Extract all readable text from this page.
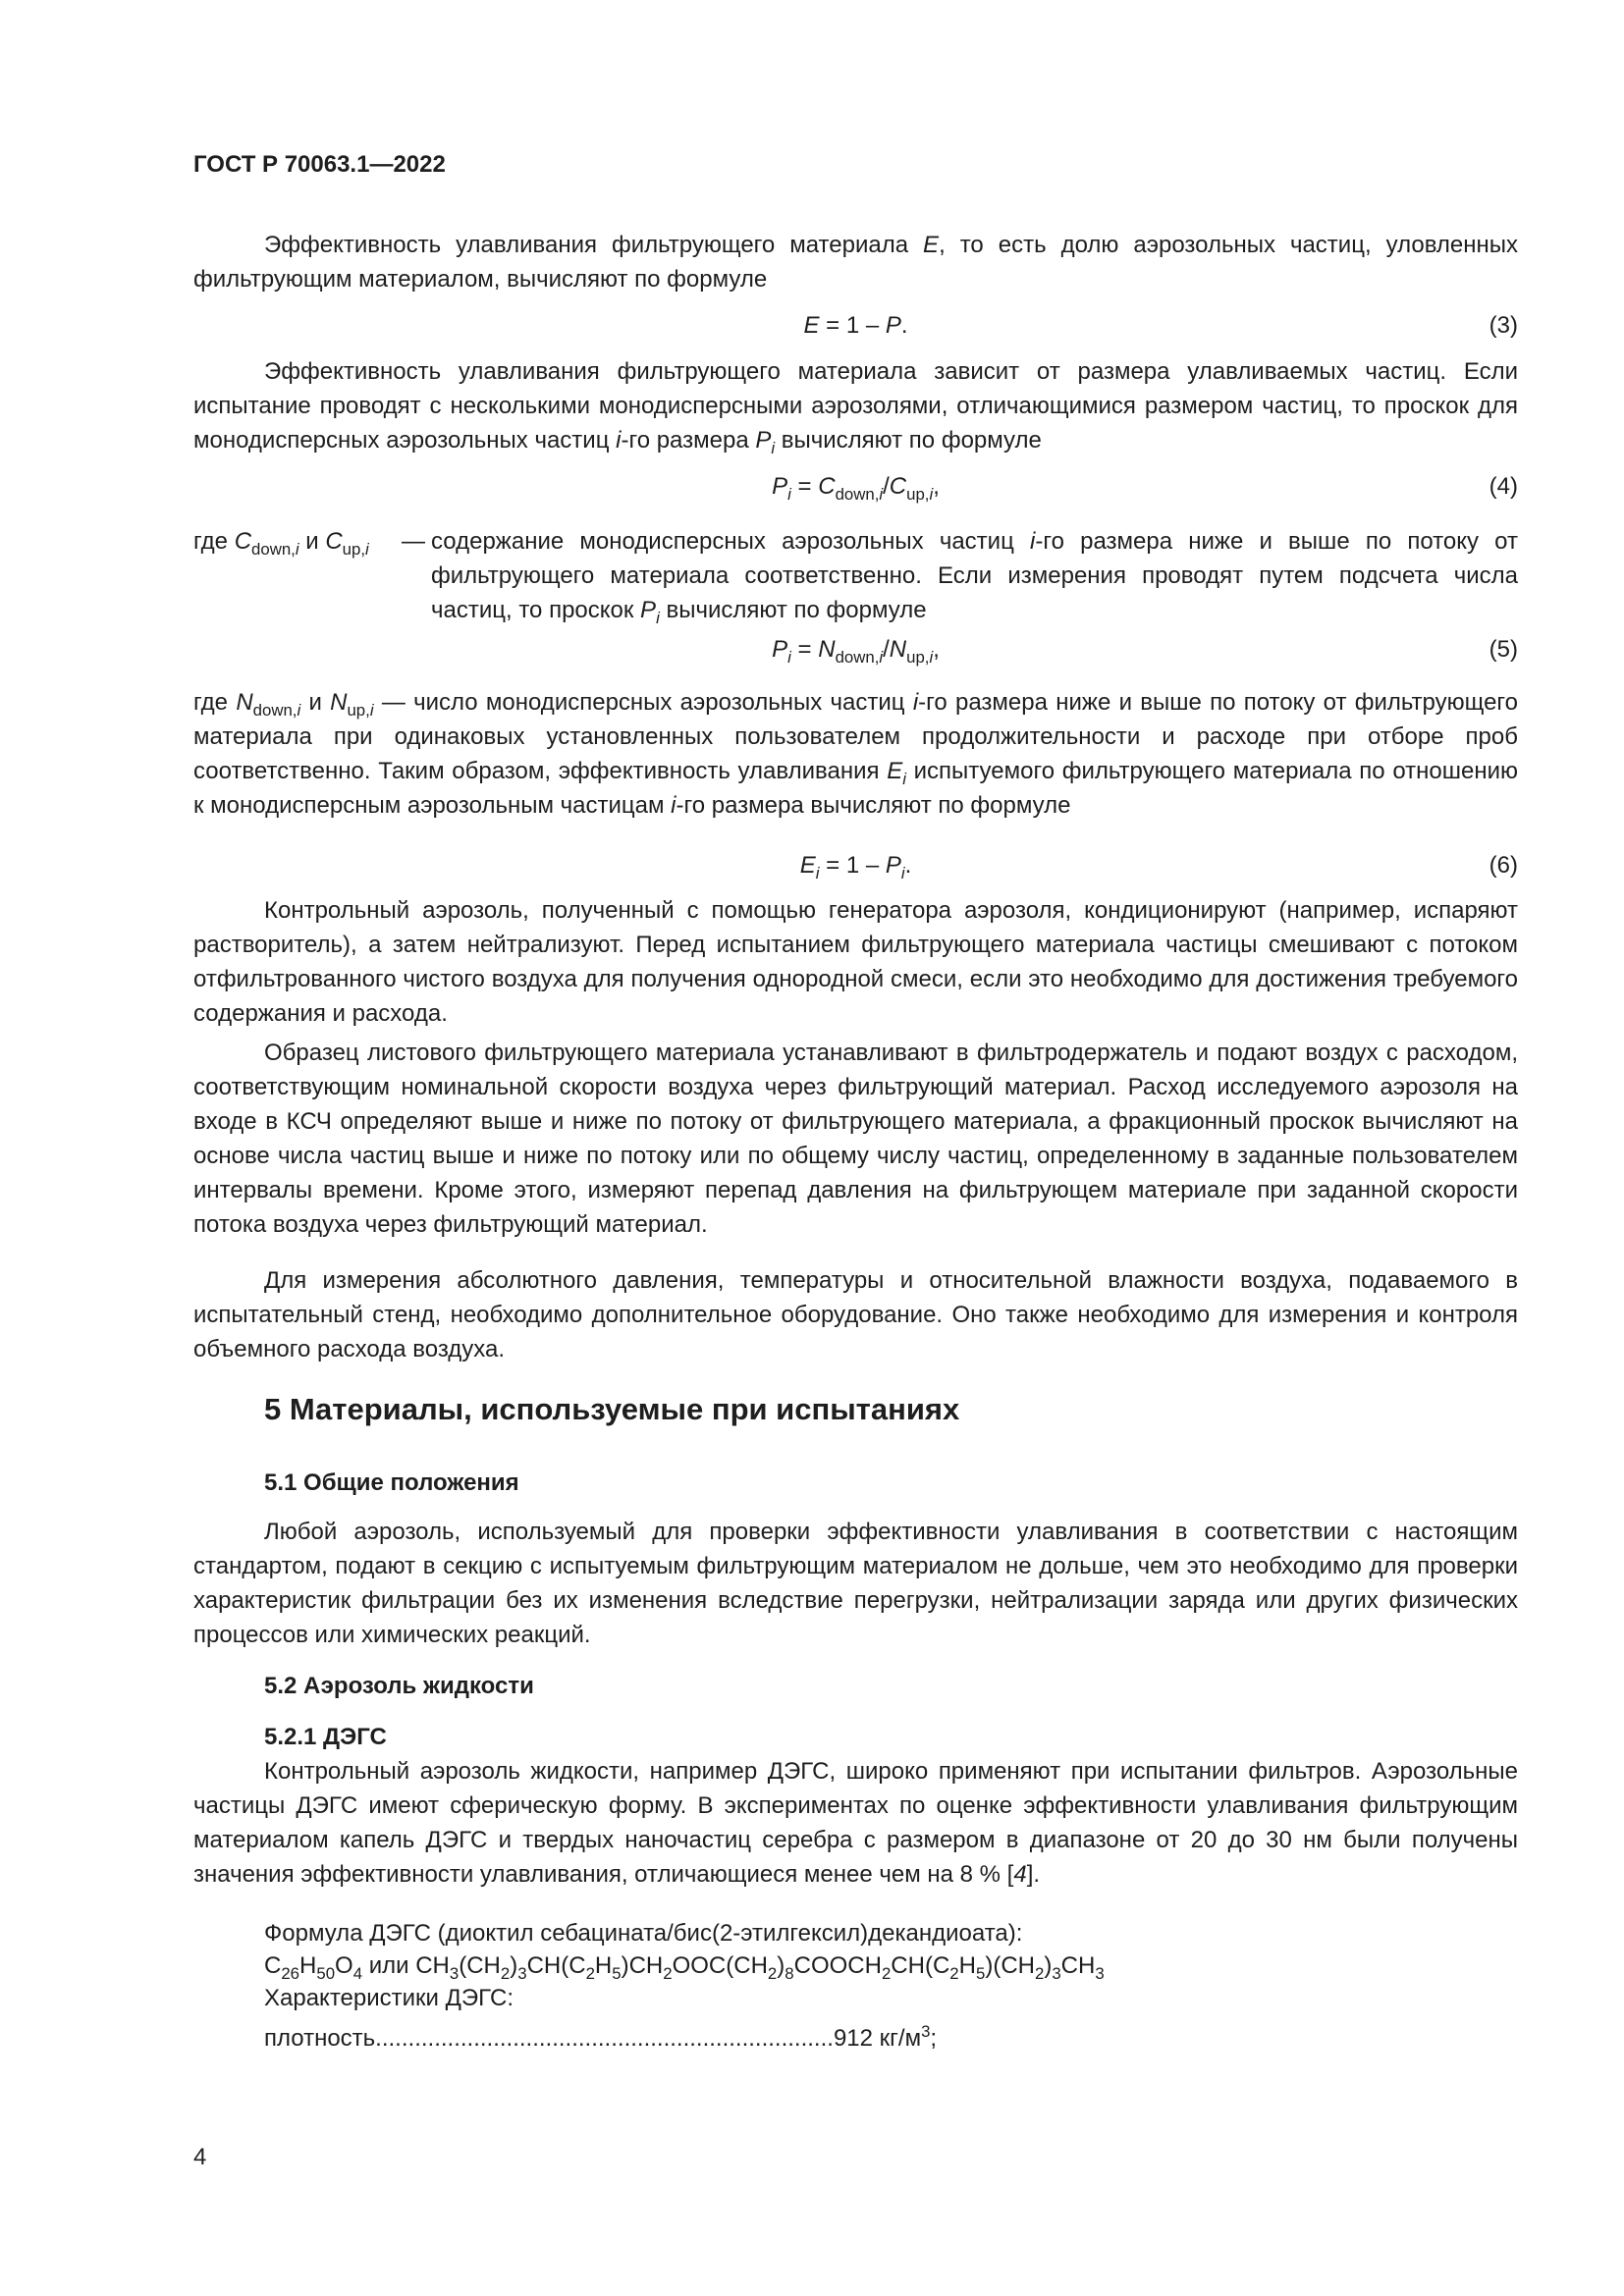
ГОСТ Р 70063.1—2022
Эффективность улавливания фильтрующего материала Е, то есть долю аэрозольных частиц, уловленных фильтрующим материалом, вычисляют по формуле
E = 1 – P.	(3)
Эффективность улавливания фильтрующего материала зависит от размера улавливаемых частиц. Если испытание проводят с несколькими монодисперсными аэрозолями, отличающимися размером частиц, то проскок для монодисперсных аэрозольных частиц i-го размера $P_i$ вычисляют по формуле
$P_i = C_{down,i}/C_{up,i}$,	(4)
где $C_{down,i}$ и $C_{up,i}$ — содержание монодисперсных аэрозольных частиц i-го размера ниже и выше по потоку от фильтрующего материала соответственно. Если измерения проводят путем подсчета числа частиц, то проскок $P_i$ вычисляют по формуле
$P_i = N_{down,i}/N_{up,i}$,	(5)
где $N_{down,i}$ и $N_{up,i}$ — число монодисперсных аэрозольных частиц i-го размера ниже и выше по потоку от фильтрующего материала при одинаковых установленных пользователем продолжительности и расходе при отборе проб соответственно. Таким образом, эффективность улавливания $E_i$ испытуемого фильтрующего материала по отношению к монодисперсным аэрозольным частицам i-го размера вычисляют по формуле
$E_i = 1 - P_i$.	(6)
Контрольный аэрозоль, полученный с помощью генератора аэрозоля, кондиционируют (например, испаряют растворитель), а затем нейтрализуют. Перед испытанием фильтрующего материала частицы смешивают с потоком отфильтрованного чистого воздуха для получения однородной смеси, если это необходимо для достижения требуемого содержания и расхода.
Образец листового фильтрующего материала устанавливают в фильтродержатель и подают воздух с расходом, соответствующим номинальной скорости воздуха через фильтрующий материал. Расход исследуемого аэрозоля на входе в КСЧ определяют выше и ниже по потоку от фильтрующего материала, а фракционный проскок вычисляют на основе числа частиц выше и ниже по потоку или по общему числу частиц, определенному в заданные пользователем интервалы времени. Кроме этого, измеряют перепад давления на фильтрующем материале при заданной скорости потока воздуха через фильтрующий материал.
Для измерения абсолютного давления, температуры и относительной влажности воздуха, подаваемого в испытательный стенд, необходимо дополнительное оборудование. Оно также необходимо для измерения и контроля объемного расхода воздуха.
5 Материалы, используемые при испытаниях
5.1 Общие положения
Любой аэрозоль, используемый для проверки эффективности улавливания в соответствии с настоящим стандартом, подают в секцию с испытуемым фильтрующим материалом не дольше, чем это необходимо для проверки характеристик фильтрации без их изменения вследствие перегрузки, нейтрализации заряда или других физических процессов или химических реакций.
5.2 Аэрозоль жидкости
5.2.1 ДЭГС
Контрольный аэрозоль жидкости, например ДЭГС, широко применяют при испытании фильтров. Аэрозольные частицы ДЭГС имеют сферическую форму. В экспериментах по оценке эффективности улавливания фильтрующим материалом капель ДЭГС и твердых наночастиц серебра с размером в диапазоне от 20 до 30 нм были получены значения эффективности улавливания, отличающиеся менее чем на 8 % [4].
Формула ДЭГС (диоктил себацината/бис(2-этилгексил)декандиоата):
$C_{26}H_{50}O_4$ или $CH_3(CH_2)_3CH(C_2H_5)CH_2OOC(CH_2)_8COOCH_2CH(C_2H_5)(CH_2)_3CH_3$
Характеристики ДЭГС:
плотность......................................................................912 $кг/м^3$;
4
